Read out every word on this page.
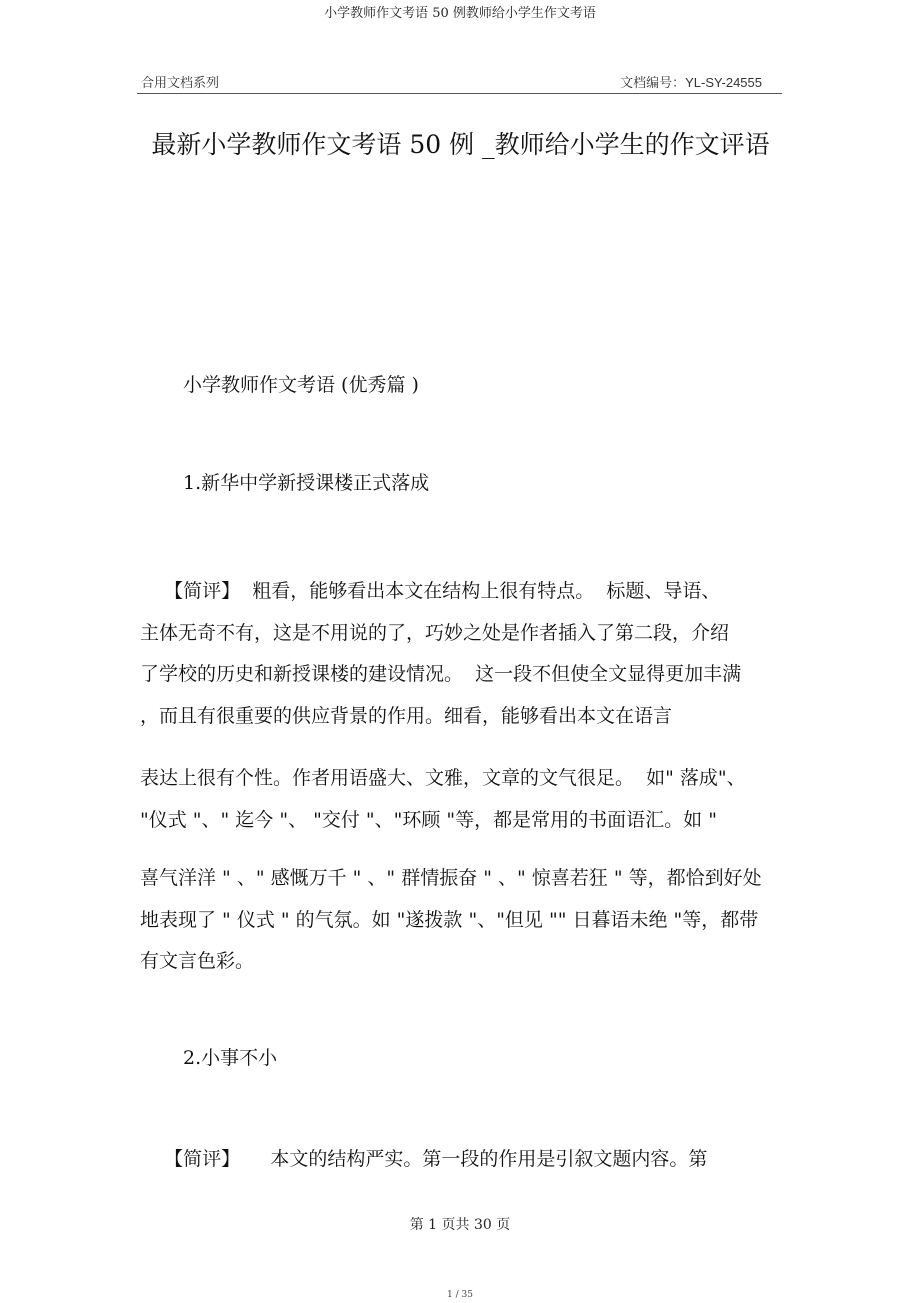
小学教师作文考语 50 例教师给小学生作文考语
合用文档系列	文档编号：YL-SY-24555
最新小学教师作文考语 50 例 _教师给小学生的作文评语
小学教师作文考语 (优秀篇 )
1.新华中学新授课楼正式落成
【简评】  粗看，能够看出本文在结构上很有特点。  标题、导语、
主体无奇不有，这是不用说的了，巧妙之处是作者插入了第二段，介绍
了学校的历史和新授课楼的建设情况。  这一段不但使全文显得更加丰满
，而且有很重要的供应背景的作用。细看，能够看出本文在语言
表达上很有个性。作者用语盛大、文雅，文章的文气很足。  如" 落成"、
"仪式 "、" 迄今 "、 "交付 "、"环顾 "等，都是常用的书面语汇。如 "
喜气洋洋 " 、" 感慨万千 " 、" 群情振奋 " 、" 惊喜若狂 " 等，都恰到好处
地表现了 " 仪式 " 的气氛。如 "遂拨款 "、"但见 "" 日暮语未绝 "等，都带
有文言色彩。
2.小事不小
【简评】     本文的结构严实。第一段的作用是引叙文题内容。第
第 1 页共 30 页
1 / 35
